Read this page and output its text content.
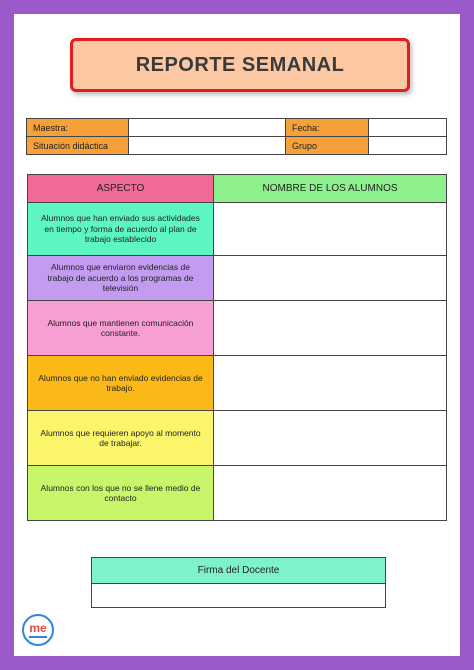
REPORTE SEMANAL
Maestra:		Fecha:	
Situación didáctica		Grupo	
ASPECTO	NOMBRE DE LOS ALUMNOS
Alumnos que han enviado sus actividades en tiempo y forma de acuerdo al plan de trabajo establecido	
Alumnos que enviaron evidencias de trabajo de acuerdo a los programas de televisión	
Alumnos que mantienen comunicación constante.	
Alumnos que no han enviado evidencias de trabajo.	
Alumnos que requieren apoyo al momento de trabajar.	
Alumnos con los que no se llene medio de contacto	
Firma del Docente

me
